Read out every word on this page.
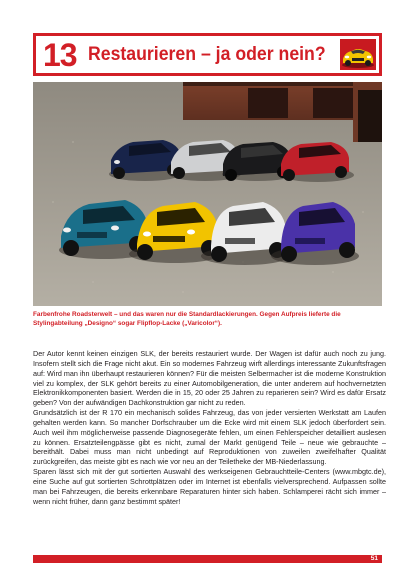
13 Restaurieren – ja oder nein?
Farbenfrohe Roadsterwelt – und das waren nur die Standardlackierungen. Gegen Aufpreis lieferte die Stylingabteilung „Designo“ sogar Flipflop-Lacke („Varicolor“).

Der Autor kennt keinen einzigen SLK, der bereits restauriert wurde. Der Wagen ist dafür auch noch zu jung. Insofern stellt sich die Frage nicht akut. Ein so modernes Fahrzeug wirft allerdings interessante Zukunftsfragen auf: Wird man ihn überhaupt restaurieren können? Für die meisten Selbermacher ist die moderne Konstruktion viel zu komplex, der SLK gehört bereits zu einer Automobilgeneration, die unter anderem auf hochvernetzten Elektronikkomponenten basiert. Werden die in 15, 20 oder 25 Jahren zu reparieren sein? Wird es dafür Ersatz geben? Von der aufwändigen Dachkonstruktion gar nicht zu reden.

Grundsätzlich ist der R 170 ein mechanisch solides Fahrzeug, das von jeder versierten Werkstatt am Laufen gehalten werden kann. So mancher Dorfschrauber um die Ecke wird mit einem SLK jedoch überfordert sein. Auch weil ihm möglicherweise passende Diagnosegeräte fehlen, um einen Fehlerspeicher detailliert auslesen zu können. Ersatzteilengpässe gibt es nicht, zumal der Markt genügend Teile – neue wie gebrauchte – bereithält. Dabei muss man nicht unbedingt auf Reproduktionen von zuweilen zweifelhafter Qualität zurückgreifen, das meiste gibt es nach wie vor neu an der Teiletheke der MB-Niederlassung.

Sparen lässt sich mit der gut sortierten Auswahl des werkseigenen Gebrauchtteile-Centers (www.mbgtc.de), eine Suche auf gut sortierten Schrottplätzen oder im Internet ist ebenfalls vielversprechend. Aufpassen sollte man bei Fahrzeugen, die bereits erkennbare Reparaturen hinter sich haben. Schlamperei rächt sich immer – wenn nicht früher, dann ganz bestimmt später!

51
